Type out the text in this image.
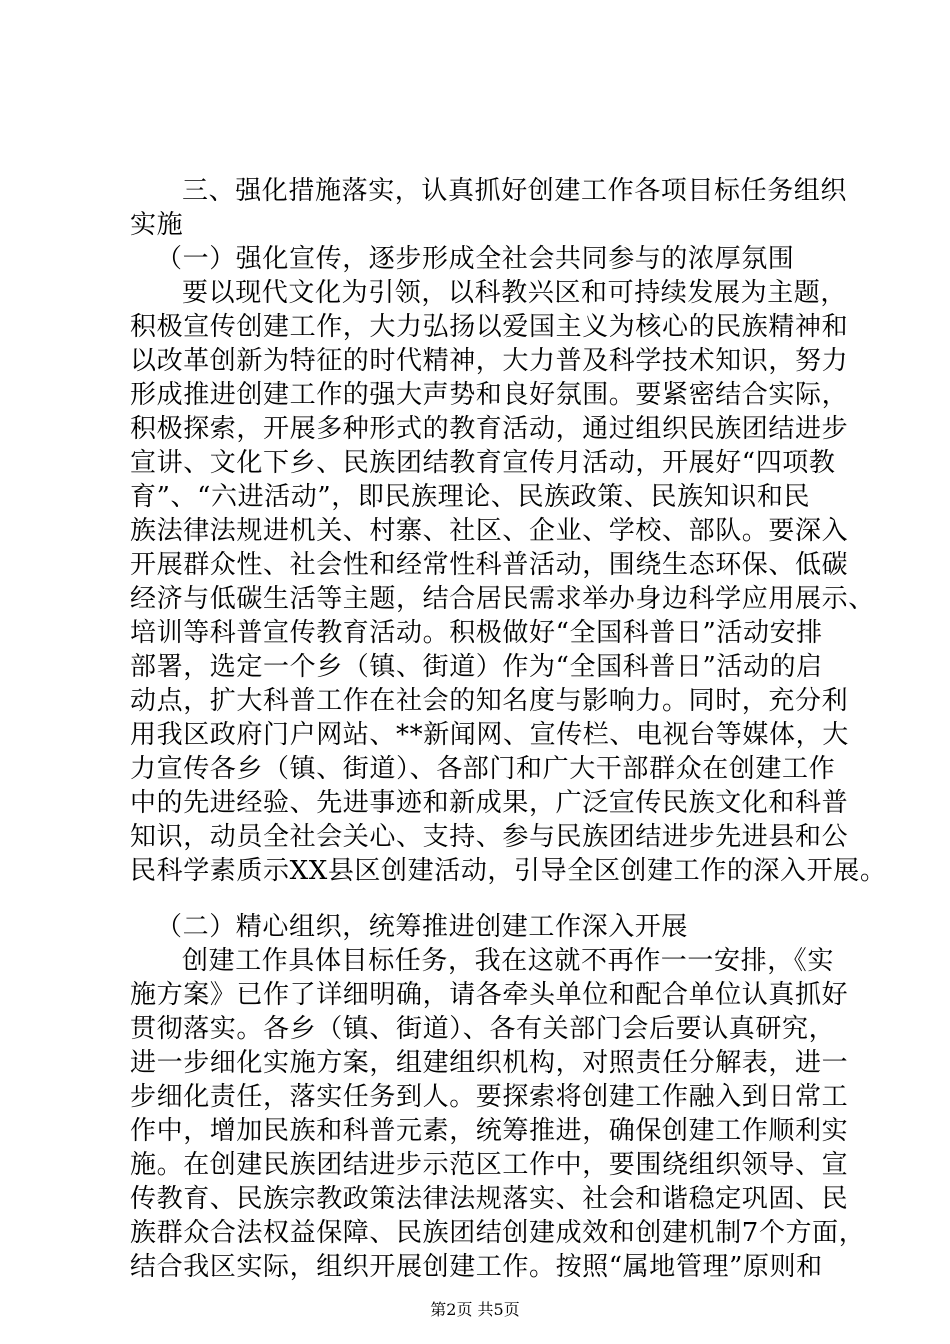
三、强化措施落实，认真抓好创建工作各项目标任务组织
实施
（一）强化宣传，逐步形成全社会共同参与的浓厚氛围
要以现代文化为引领，以科教兴区和可持续发展为主题，
积极宣传创建工作，大力弘扬以爱国主义为核心的民族精神和
以改革创新为特征的时代精神，大力普及科学技术知识，努力
形成推进创建工作的强大声势和良好氛围。要紧密结合实际，
积极探索，开展多种形式的教育活动，通过组织民族团结进步
宣讲、文化下乡、民族团结教育宣传月活动，开展好“四项教
育”、“六进活动”，即民族理论、民族政策、民族知识和民
族法律法规进机关、村寨、社区、企业、学校、部队。要深入
开展群众性、社会性和经常性科普活动，围绕生态环保、低碳
经济与低碳生活等主题，结合居民需求举办身边科学应用展示、
培训等科普宣传教育活动。积极做好“全国科普日”活动安排
部署，选定一个乡（镇、街道）作为“全国科普日”活动的启
动点，扩大科普工作在社会的知名度与影响力。同时，充分利
用我区政府门户网站、**新闻网、宣传栏、电视台等媒体，大
力宣传各乡（镇、街道）、各部门和广大干部群众在创建工作
中的先进经验、先进事迹和新成果，广泛宣传民族文化和科普
知识，动员全社会关心、支持、参与民族团结进步先进县和公
民科学素质示XX县区创建活动，引导全区创建工作的深入开展。
（二）精心组织，统筹推进创建工作深入开展
创建工作具体目标任务，我在这就不再作一一安排，《实
施方案》已作了详细明确，请各牵头单位和配合单位认真抓好
贯彻落实。各乡（镇、街道）、各有关部门会后要认真研究，
进一步细化实施方案，组建组织机构，对照责任分解表，进一
步细化责任，落实任务到人。要探索将创建工作融入到日常工
作中，增加民族和科普元素，统筹推进，确保创建工作顺利实
施。在创建民族团结进步示范区工作中，要围绕组织领导、宣
传教育、民族宗教政策法律法规落实、社会和谐稳定巩固、民
族群众合法权益保障、民族团结创建成效和创建机制7个方面，
结合我区实际，组织开展创建工作。按照“属地管理”原则和
第2页 共5页
